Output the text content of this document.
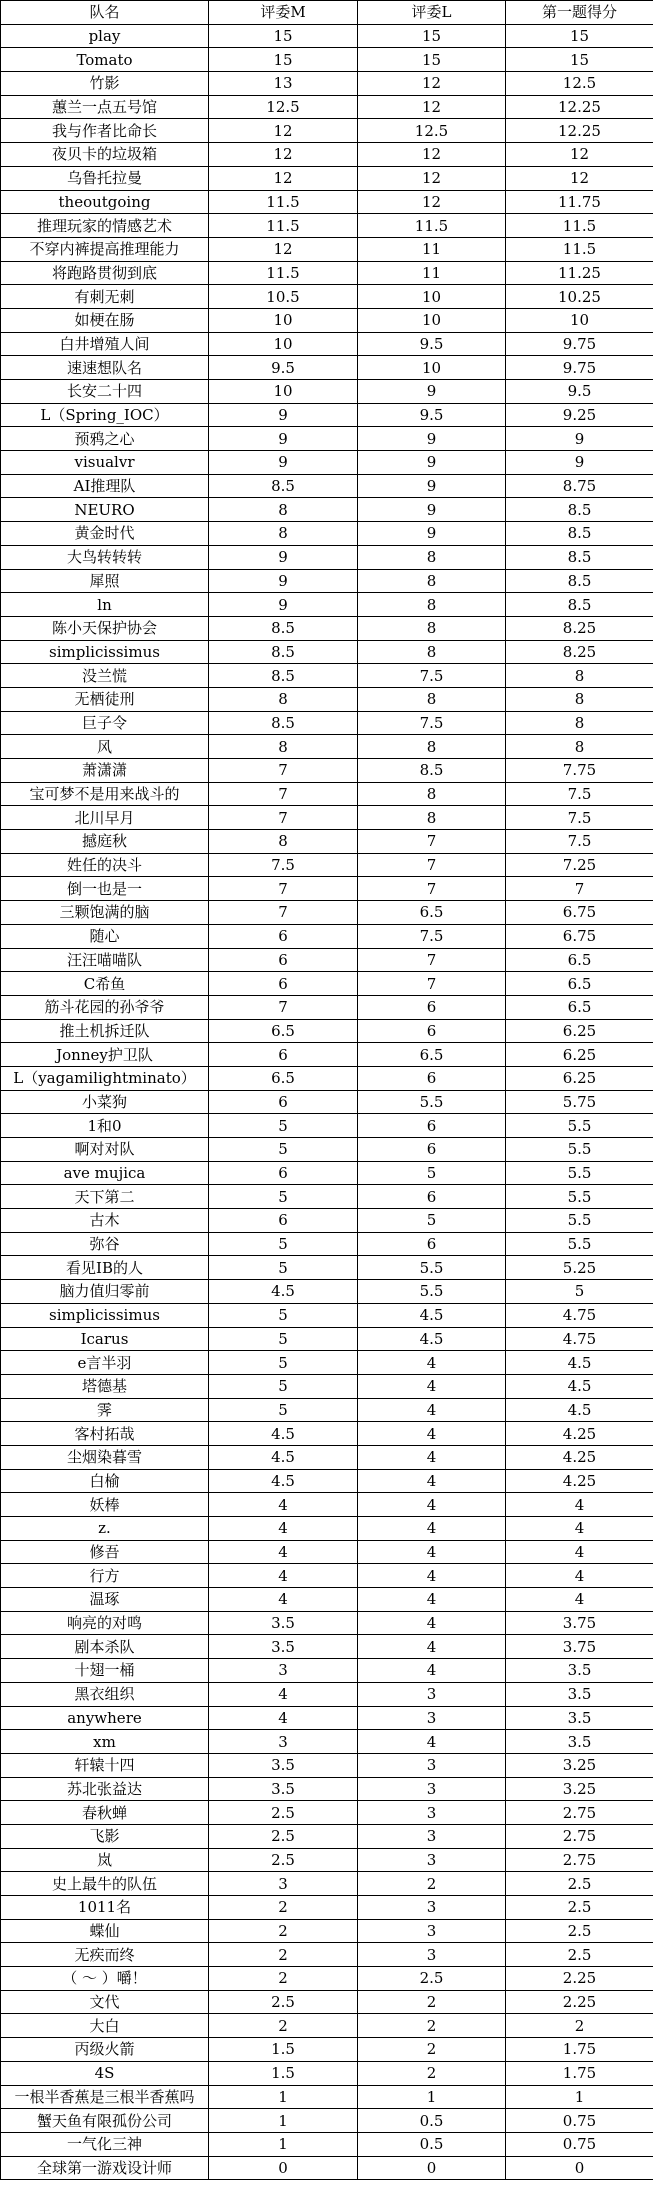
队名	评委M	评委L	第一题得分
play	15	15	15
Tomato	15	15	15
竹影	13	12	12.5
蕙兰一点五号馆	12.5	12	12.25
我与作者比命长	12	12.5	12.25
夜贝卡的垃圾箱	12	12	12
乌鲁托拉曼	12	12	12
theoutgoing	11.5	12	11.75
推理玩家的情感艺术	11.5	11.5	11.5
不穿内裤提高推理能力	12	11	11.5
将跑路贯彻到底	11.5	11	11.25
有刺无刺	10.5	10	10.25
如梗在肠	10	10	10
白井增殖人间	10	9.5	9.75
速速想队名	9.5	10	9.75
长安二十四	10	9	9.5
L（Spring_IOC）	9	9.5	9.25
预鸦之心	9	9	9
visualvr	9	9	9
AI推理队	8.5	9	8.75
NEURO	8	9	8.5
黄金时代	8	9	8.5
大鸟转转转	9	8	8.5
犀照	9	8	8.5
ln	9	8	8.5
陈小天保护协会	8.5	8	8.25
simplicissimus	8.5	8	8.25
没兰慌	8.5	7.5	8
无栖徒刑	8	8	8
巨子令	8.5	7.5	8
风	8	8	8
萧潇潇	7	8.5	7.75
宝可梦不是用来战斗的	7	8	7.5
北川早月	7	8	7.5
撼庭秋	8	7	7.5
姓任的决斗	7.5	7	7.25
倒一也是一	7	7	7
三颗饱满的脑	7	6.5	6.75
随心	6	7.5	6.75
汪汪喵喵队	6	7	6.5
C希鱼	6	7	6.5
筋斗花园的孙爷爷	7	6	6.5
推土机拆迁队	6.5	6	6.25
Jonney护卫队	6	6.5	6.25
L（yagamilightminato）	6.5	6	6.25
小菜狗	6	5.5	5.75
1和0	5	6	5.5
啊对对队	5	6	5.5
ave mujica	6	5	5.5
天下第二	5	6	5.5
古木	6	5	5.5
弥谷	5	6	5.5
看见IB的人	5	5.5	5.25
脑力值归零前	4.5	5.5	5
simplicissimus	5	4.5	4.75
Icarus	5	4.5	4.75
e言半羽	5	4	4.5
塔德基	5	4	4.5
霁	5	4	4.5
客村拓哉	4.5	4	4.25
尘烟染暮雪	4.5	4	4.25
白榆	4.5	4	4.25
妖棒	4	4	4
z.	4	4	4
修吾	4	4	4
行方	4	4	4
温琢	4	4	4
响亮的对鸣	3.5	4	3.75
剧本杀队	3.5	4	3.75
十翅一桶	3	4	3.5
黑衣组织	4	3	3.5
anywhere	4	3	3.5
xm	3	4	3.5
轩辕十四	3.5	3	3.25
苏北张益达	3.5	3	3.25
春秋蝉	2.5	3	2.75
飞影	2.5	3	2.75
岚	2.5	3	2.75
史上最牛的队伍	3	2	2.5
1011名	2	3	2.5
蝶仙	2	3	2.5
无疾而终	2	3	2.5
（ ～ ）嚼！	2	2.5	2.25
文代	2.5	2	2.25
大白	2	2	2
丙级火箭	1.5	2	1.75
4S	1.5	2	1.75
一根半香蕉是三根半香蕉吗	1	1	1
蟹天鱼有限孤份公司	1	0.5	0.75
一气化三神	1	0.5	0.75
全球第一游戏设计师	0	0	0
